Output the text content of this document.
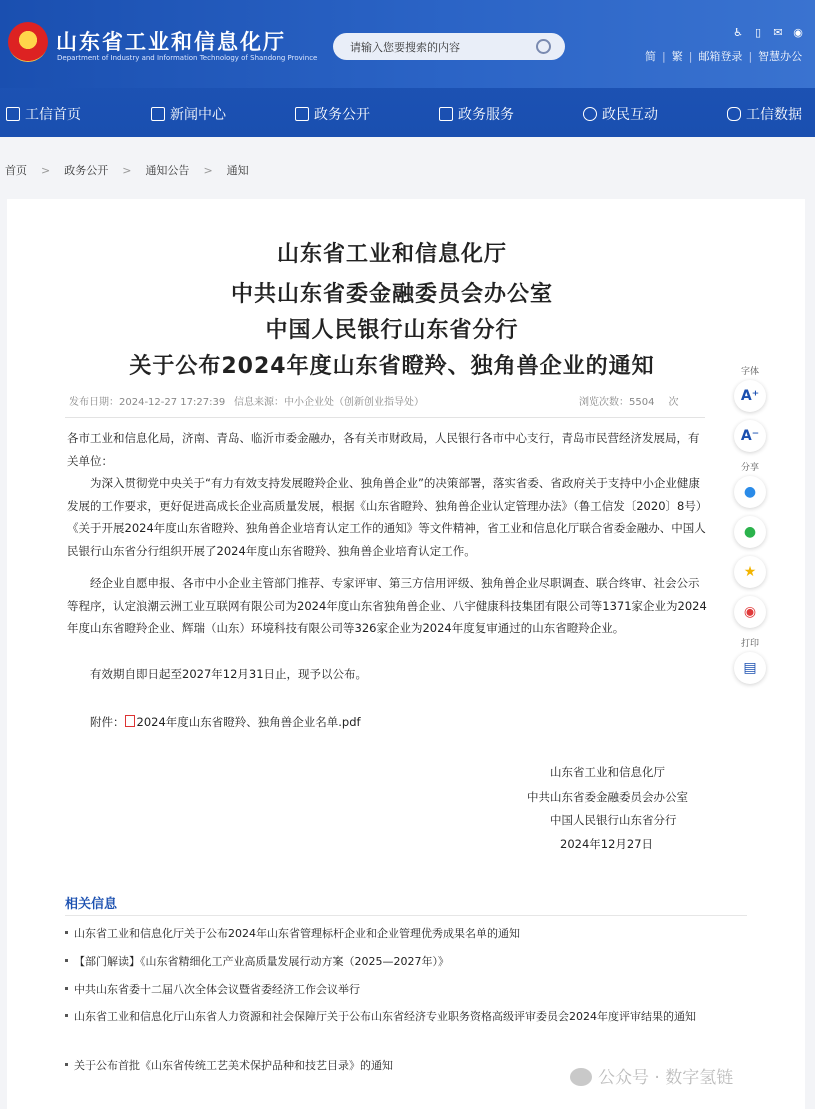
山东省工业和信息化厅
Department of Industry and Information Technology of Shandong Province
请输入您要搜索的内容
♿ ▯ ✉ ◉
简 | 繁 | 邮箱登录 | 智慧办公
工信首页	新闻中心	政务公开	政务服务	政民互动	工信数据
首页 > 政务公开 > 通知公告 > 通知
山东省工业和信息化厅
中共山东省委金融委员会办公室
中国人民银行山东省分行
关于公布2024年度山东省瞪羚、独角兽企业的通知
发布日期：2024-12-27 17:27:39 信息来源：中小企业处（创新创业指导处）	浏览次数：5504 次
各市工业和信息化局，济南、青岛、临沂市委金融办，各有关市财政局，人民银行各市中心支行，青岛市民营经济发展局，有关单位：
为深入贯彻党中央关于“有力有效支持发展瞪羚企业、独角兽企业”的决策部署，落实省委、省政府关于支持中小企业健康发展的工作要求，更好促进高成长企业高质量发展，根据《山东省瞪羚、独角兽企业认定管理办法》（鲁工信发〔2020〕8号）《关于开展2024年度山东省瞪羚、独角兽企业培育认定工作的通知》等文件精神，省工业和信息化厅联合省委金融办、中国人民银行山东省分行组织开展了2024年度山东省瞪羚、独角兽企业培育认定工作。
经企业自愿申报、各市中小企业主管部门推荐、专家评审、第三方信用评级、独角兽企业尽职调查、联合终审、社会公示等程序，认定浪潮云洲工业互联网有限公司为2024年度山东省独角兽企业、八宇健康科技集团有限公司等1371家企业为2024年度山东省瞪羚企业、辉瑞（山东）环境科技有限公司等326家企业为2024年度复审通过的山东省瞪羚企业。
有效期自即日起至2027年12月31日止，现予以公布。
附件： 2024年度山东省瞪羚、独角兽企业名单.pdf
山东省工业和信息化厅
中共山东省委金融委员会办公室
中国人民银行山东省分行
2024年12月27日
相关信息
山东省工业和信息化厅关于公布2024年山东省管理标杆企业和企业管理优秀成果名单的通知
【部门解读】《山东省精细化工产业高质量发展行动方案（2025—2027年）》
中共山东省委十二届八次全体会议暨省委经济工作会议举行
山东省工业和信息化厅山东省人力资源和社会保障厅关于公布山东省经济专业职务资格高级评审委员会2024年度评审结果的通知
关于公布首批《山东省传统工艺美术保护品种和技艺目录》的通知
字体
A⁺
A⁻
分享
●
●
★
◉
打印
▤
公众号 · 数字氢链
